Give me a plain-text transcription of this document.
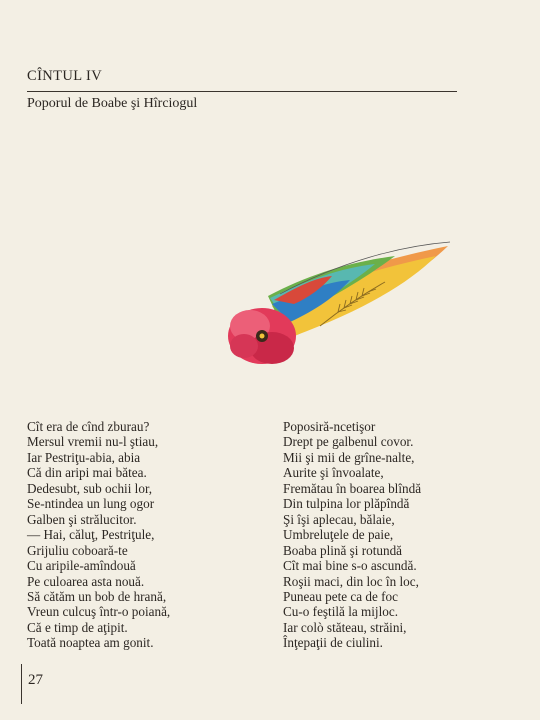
CÎNTUL IV
Poporul de Boabe şi Hîrciogul
Cît era de cînd zburau?
Mersul vremii nu-l ştiau,
Iar Pestriţu-abia, abia
Că din aripi mai bătea.
Dedesubt, sub ochii lor,
Se-ntindea un lung ogor
Galben şi strălucitor.
— Hai, căluţ, Pestriţule,
Grijuliu coboară-te
Cu aripile-amîndouă
Pe culoarea asta nouă.
Să cătăm un bob de hrană,
Vreun culcuş într-o poiană,
Că e timp de aţipit.
Toată noaptea am gonit.
Poposiră-ncetişor
Drept pe galbenul covor.
Mii şi mii de grîne-nalte,
Aurite şi învoalate,
Fremătau în boarea blîndă
Din tulpina lor plăpîndă
Şi îşi aplecau, bălaie,
Umbreluţele de paie,
Boaba plină şi rotundă
Cît mai bine s-o ascundă.
Roşii maci, din loc în loc,
Puneau pete ca de foc
Cu-o feştilă la mijloc.
Iar colò stăteau, străini,
Înţepaţii de ciulini.
27
